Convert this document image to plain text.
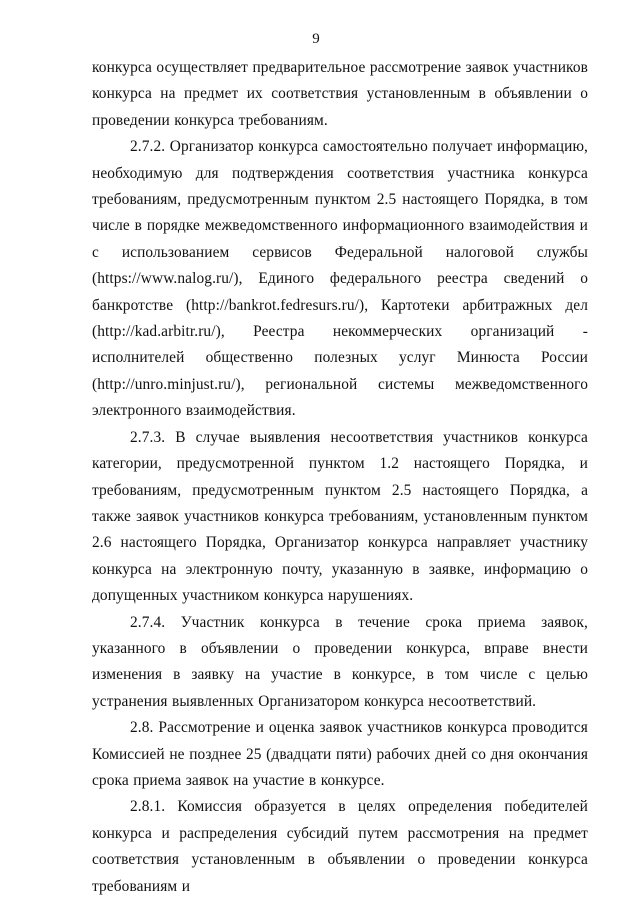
9

конкурса осуществляет предварительное рассмотрение заявок участников конкурса на предмет их соответствия установленным в объявлении о проведении конкурса требованиям.

2.7.2. Организатор конкурса самостоятельно получает информацию, необходимую для подтверждения соответствия участника конкурса требованиям, предусмотренным пунктом 2.5 настоящего Порядка, в том числе в порядке межведомственного информационного взаимодействия и с использованием сервисов Федеральной налоговой службы (https://www.nalog.ru/), Единого федерального реестра сведений о банкротстве (http://bankrot.fedresurs.ru/), Картотеки арбитражных дел (http://kad.arbitr.ru/), Реестра некоммерческих организаций - исполнителей общественно полезных услуг Минюста России (http://unro.minjust.ru/), региональной системы межведомственного электронного взаимодействия.

2.7.3. В случае выявления несоответствия участников конкурса категории, предусмотренной пунктом 1.2 настоящего Порядка, и требованиям, предусмотренным пунктом 2.5 настоящего Порядка, а также заявок участников конкурса требованиям, установленным пунктом 2.6 настоящего Порядка, Организатор конкурса направляет участнику конкурса на электронную почту, указанную в заявке, информацию о допущенных участником конкурса нарушениях.

2.7.4. Участник конкурса в течение срока приема заявок, указанного в объявлении о проведении конкурса, вправе внести изменения в заявку на участие в конкурсе, в том числе с целью устранения выявленных Организатором конкурса несоответствий.

2.8. Рассмотрение и оценка заявок участников конкурса проводится Комиссией не позднее 25 (двадцати пяти) рабочих дней со дня окончания срока приема заявок на участие в конкурсе.

2.8.1. Комиссия образуется в целях определения победителей конкурса и распределения субсидий путем рассмотрения на предмет соответствия установленным в объявлении о проведении конкурса требованиям и
